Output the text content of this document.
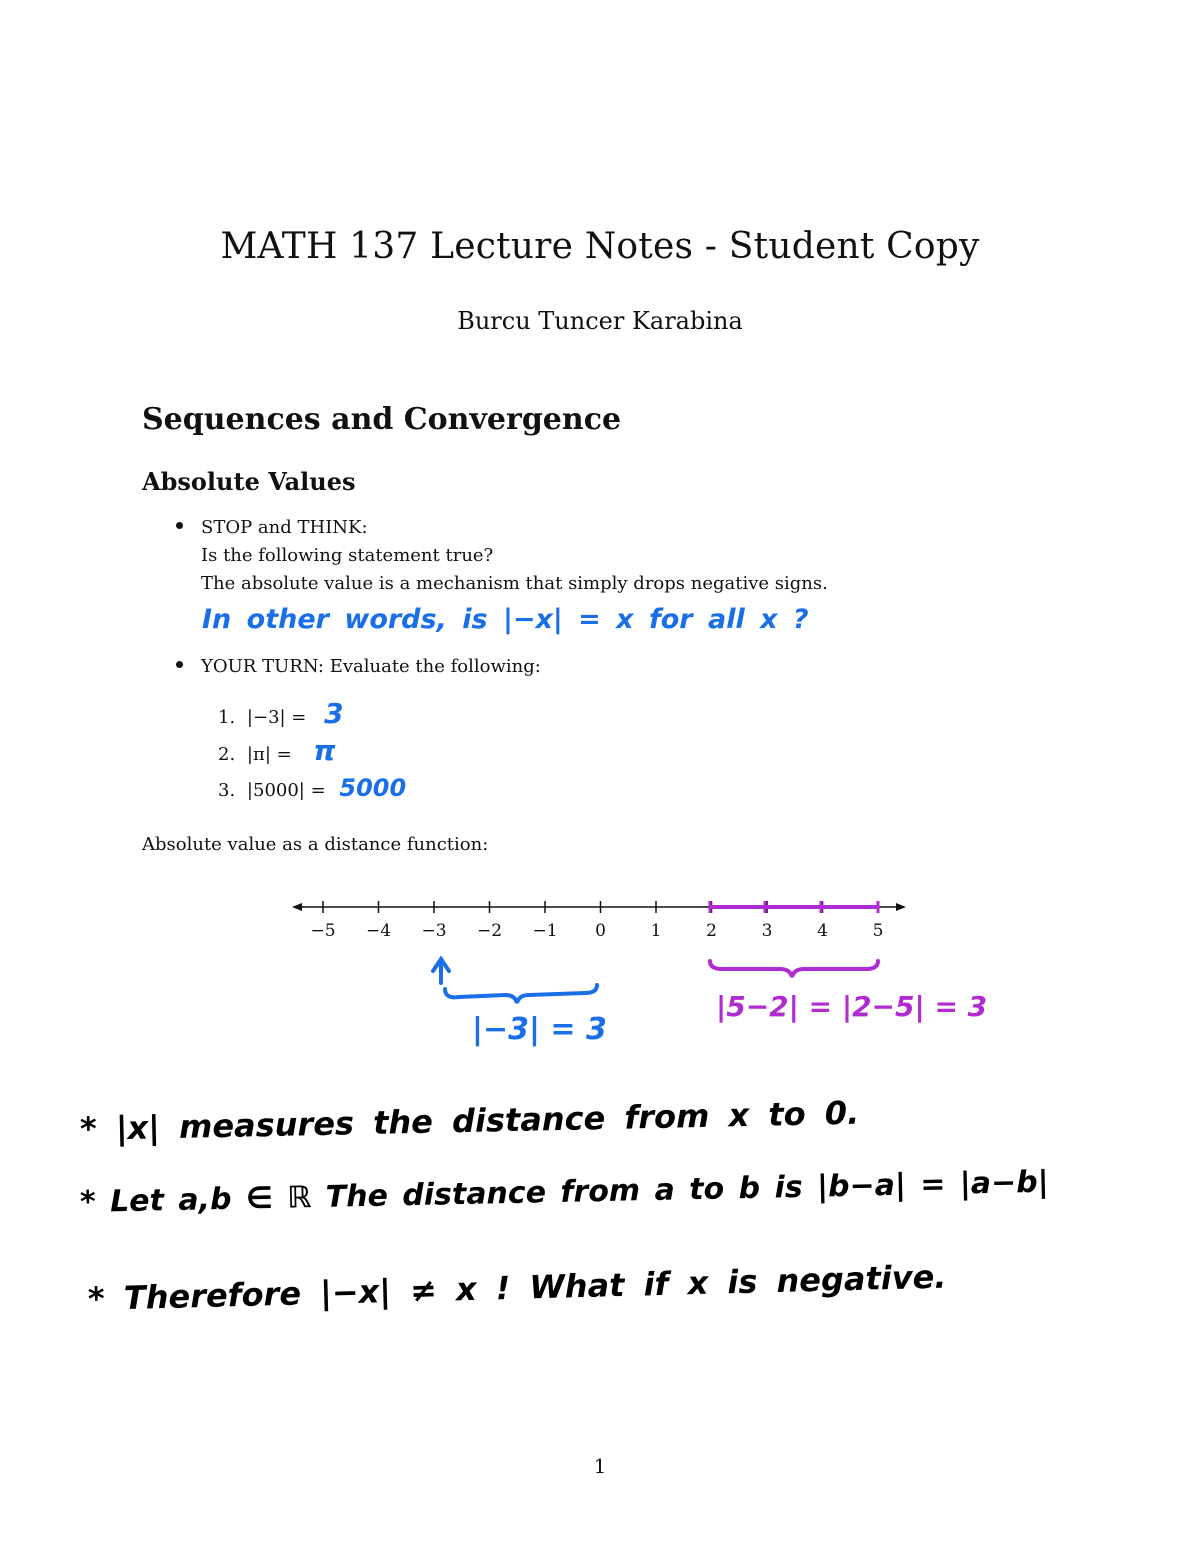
MATH 137 Lecture Notes - Student Copy
Burcu Tuncer Karabina
Sequences and Convergence
Absolute Values
STOP and THINK:
Is the following statement true?
The absolute value is a mechanism that simply drops negative signs.
In other words, is |−x| = x for all x ?
YOUR TURN: Evaluate the following:
1. |−3| = 3
2. |π| = π
3. |5000| = 5000
Absolute value as a distance function:
−5 −4 −3 −2 −1 0	1	2	3	4	5
|−3| = 3
|5−2| = |2−5| = 3
* |x| measures the distance from x to 0.
* Let a,b ∈ ℝ The distance from a to b is |b−a| = |a−b|
* Therefore |−x| ≠ x ! What if x is negative.
1
